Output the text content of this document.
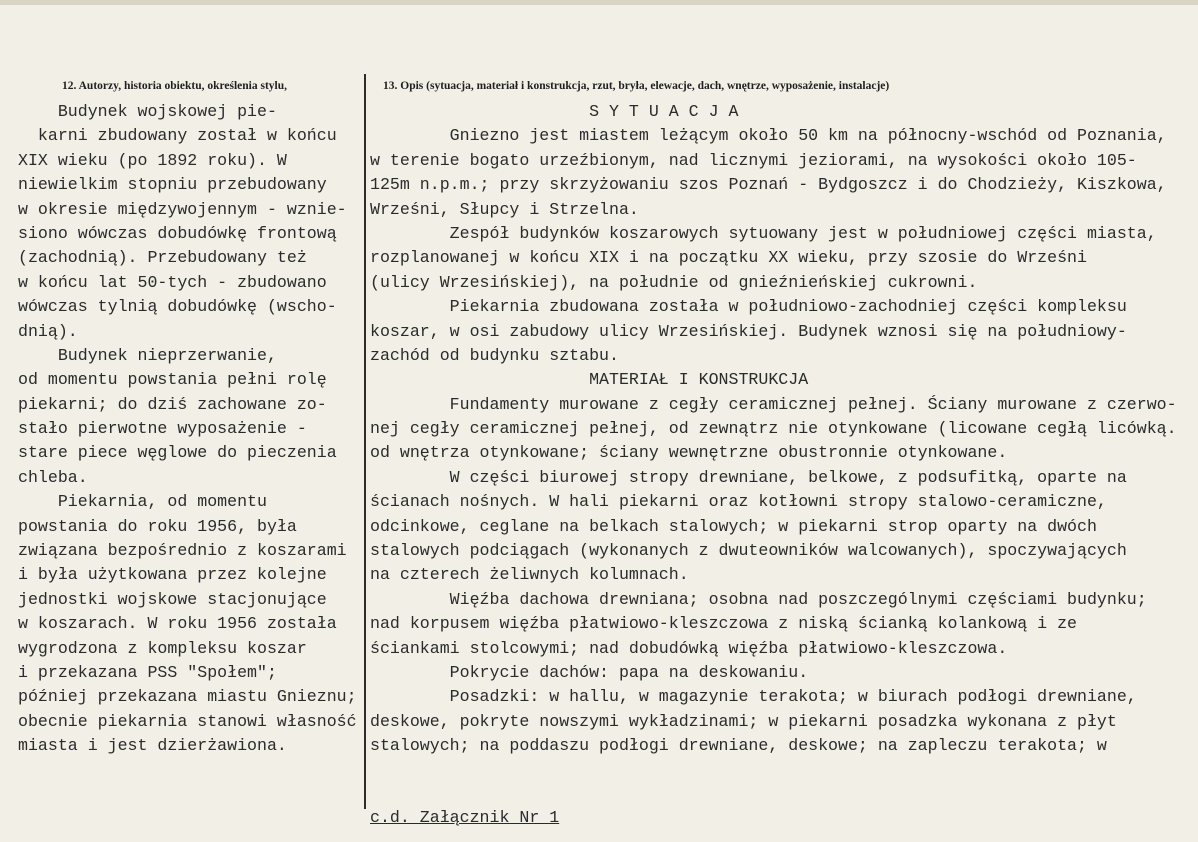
12. Autorzy, historia obiektu, określenia stylu,	13. Opis (sytuacja, materiał i konstrukcja, rzut, bryła, elewacje, dach, wnętrze, wyposażenie, instalacje)
Budynek wojskowej pie-
karni zbudowany został w końcu
XIX wieku (po 1892 roku). W
niewielkim stopniu przebudowany
w okresie międzywojennym - wznie-
siono wówczas dobudówkę frontową
(zachodnią). Przebudowany też
w końcu lat 50-tych - zbudowano
wówczas tylnią dobudówkę (wscho-
dnią).
Budynek nieprzerwanie,
od momentu powstania pełni rolę
piekarni; do dziś zachowane zo-
stało pierwotne wyposażenie -
stare piece węglowe do pieczenia
chleba.
Piekarnia, od momentu
powstania do roku 1956, była
związana bezpośrednio z koszarami
i była użytkowana przez kolejne
jednostki wojskowe stacjonujące
w koszarach. W roku 1956 została
wygrodzona z kompleksu koszar
i przekazana PSS "Społem";
później przekazana miastu Gnieznu;
obecnie piekarnia stanowi własność
miasta i jest dzierżawiona.
S Y T U A C J A
Gniezno jest miastem leżącym około 50 km na północny-wschód od Poznania,
w terenie bogato urzeźbionym, nad licznymi jeziorami, na wysokości około 105-
125m n.p.m.; przy skrzyżowaniu szos Poznań - Bydgoszcz i do Chodzieży, Kiszkowa,
Wrześni, Słupcy i Strzelna.
Zespół budynków koszarowych sytuowany jest w południowej części miasta,
rozplanowanej w końcu XIX i na początku XX wieku, przy szosie do Wrześni
(ulicy Wrzesińskiej), na południe od gnieźnieńskiej cukrowni.
Piekarnia zbudowana została w południowo-zachodniej części kompleksu
koszar, w osi zabudowy ulicy Wrzesińskiej. Budynek wznosi się na południowy-
zachód od budynku sztabu.
MATERIAŁ I KONSTRUKCJA
Fundamenty murowane z cegły ceramicznej pełnej. Ściany murowane z czerwo-
nej cegły ceramicznej pełnej, od zewnątrz nie otynkowane (licowane cegłą licówką.
od wnętrza otynkowane; ściany wewnętrzne obustronnie otynkowane.
W części biurowej stropy drewniane, belkowe, z podsufitką, oparte na
ścianach nośnych. W hali piekarni oraz kotłowni stropy stalowo-ceramiczne,
odcinkowe, ceglane na belkach stalowych; w piekarni strop oparty na dwóch
stalowych podciągach (wykonanych z dwuteowników walcowanych), spoczywających
na czterech żeliwnych kolumnach.
Więźba dachowa drewniana; osobna nad poszczególnymi częściami budynku;
nad korpusem więźba płatwiowo-kleszczowa z niską ścianką kolankową i ze
ściankami stolcowymi; nad dobudówką więźba płatwiowo-kleszczowa.
Pokrycie dachów: papa na deskowaniu.
Posadzki: w hallu, w magazynie terakota; w biurach podłogi drewniane,
deskowe, pokryte nowszymi wykładzinami; w piekarni posadzka wykonana z płyt
stalowych; na poddaszu podłogi drewniane, deskowe; na zapleczu terakota; w
c.d. Załącznik Nr 1
